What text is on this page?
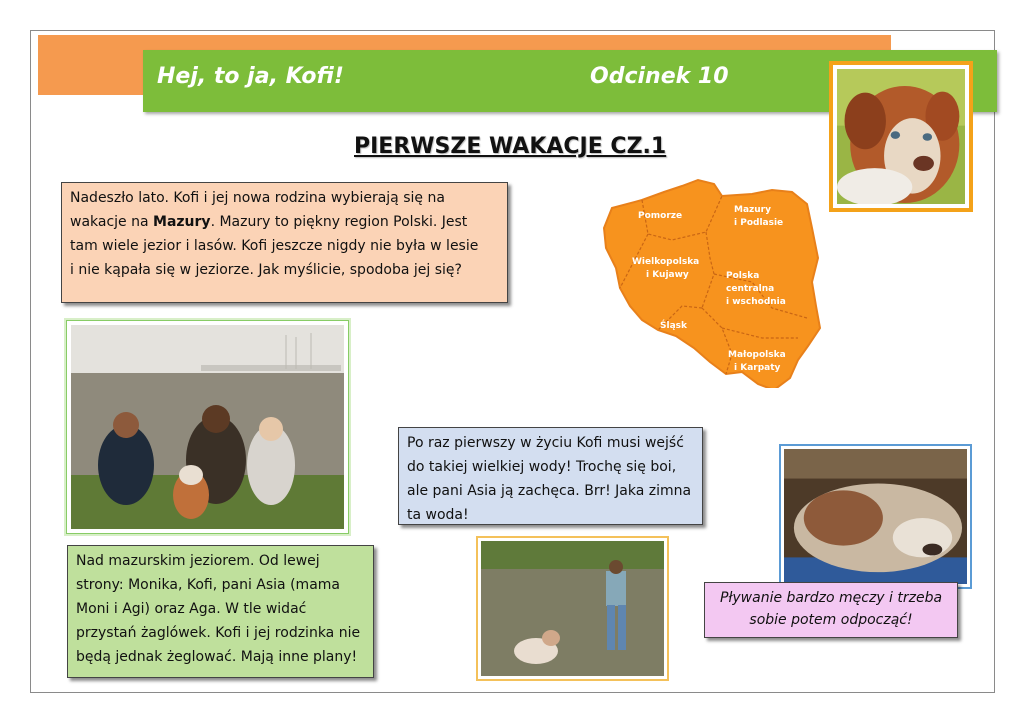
Hej, to ja, Kofi!	Odcinek 10
PIERWSZE WAKACJE CZ.1
Nadeszło lato. Kofi i jej nowa rodzina wybierają się na
wakacje na Mazury. Mazury to piękny region Polski. Jest
tam wiele jezior i lasów. Kofi jeszcze nigdy nie była w lesie
i nie kąpała się w jeziorze. Jak myślicie, spodoba jej się?
Pomorze
Mazury
i Podlasie
Wielkopolska
i Kujawy	Polska
centralna
i wschodnia
Śląsk
Małopolska
i Karpaty
Po raz pierwszy w życiu Kofi musi wejść
do takiej wielkiej wody! Trochę się boi,
ale pani Asia ją zachęca. Brr! Jaka zimna
ta woda!
Pływanie bardzo męczy i trzeba
sobie potem odpocząć!
Nad mazurskim jeziorem. Od lewej
strony: Monika, Kofi, pani Asia (mama
Moni i Agi) oraz Aga. W tle widać
przystań żaglówek. Kofi i jej rodzinka nie
będą jednak żeglować. Mają inne plany!
